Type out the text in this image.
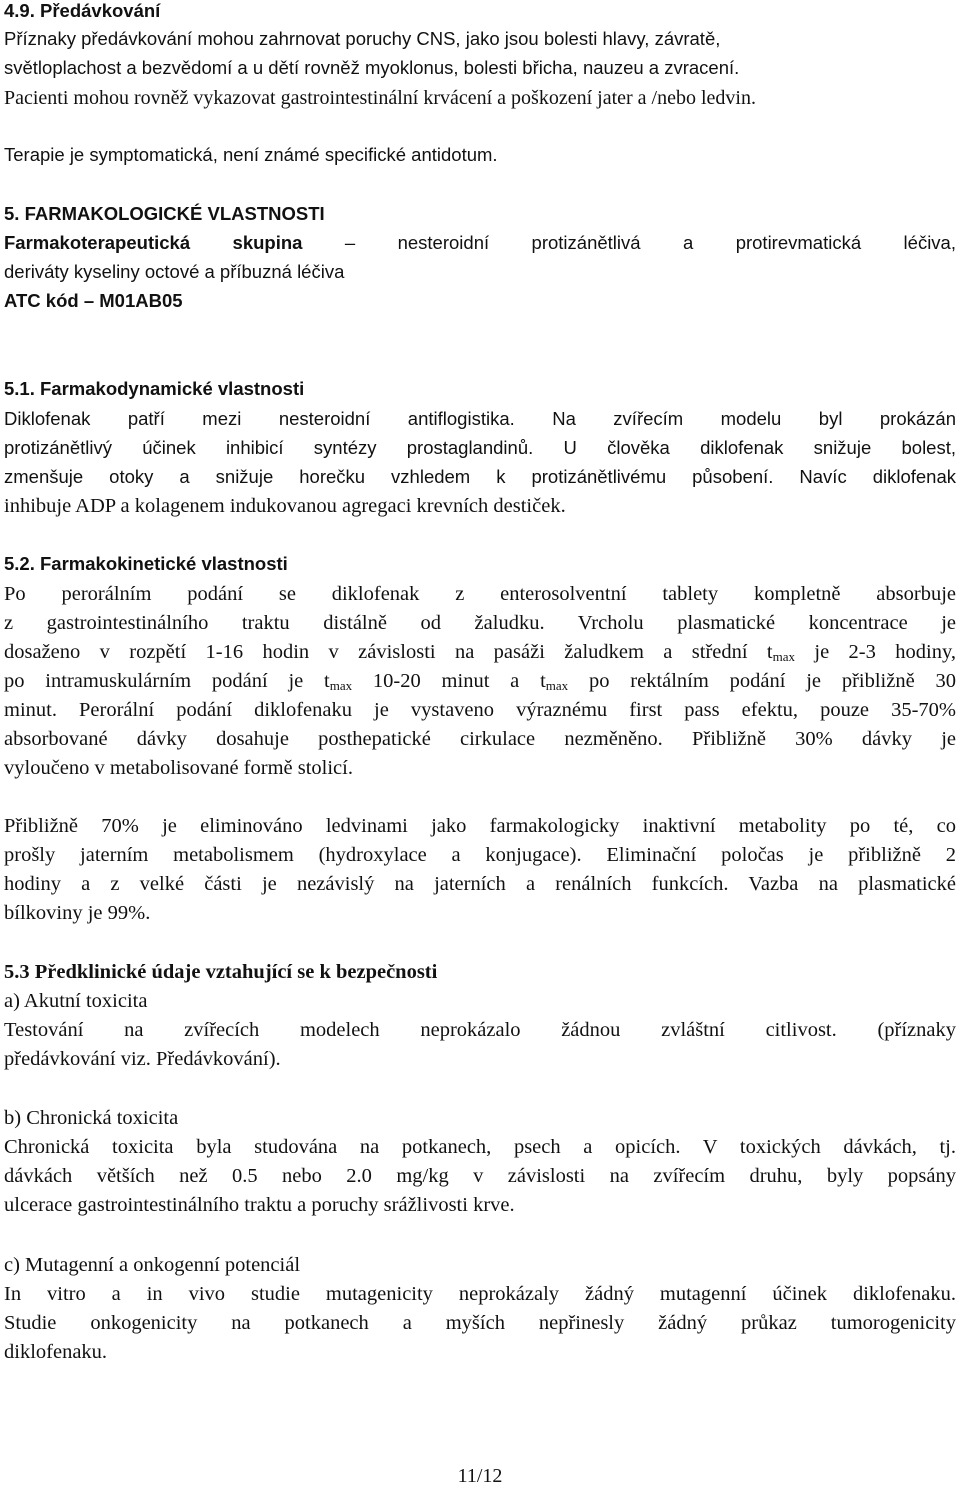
4.9. Předávkování
Příznaky předávkování mohou zahrnovat poruchy CNS, jako jsou bolesti hlavy, závratě,
světloplachost a bezvědomí a u dětí rovněž myoklonus, bolesti břicha, nauzeu a zvracení.
Pacienti mohou rovněž vykazovat gastrointestinální krvácení a poškození jater a /nebo ledvin.
Terapie je symptomatická, není známé specifické antidotum.
5. FARMAKOLOGICKÉ VLASTNOSTI
Farmakoterapeutická skupina – nesteroidní protizánětlivá a protirevmatická léčiva,
deriváty kyseliny octové a příbuzná léčiva
ATC kód – M01AB05
5.1. Farmakodynamické vlastnosti
Diklofenak patří mezi nesteroidní antiflogistika. Na zvířecím modelu byl prokázán
protizánětlivý účinek inhibicí syntézy prostaglandinů. U člověka diklofenak snižuje bolest,
zmenšuje otoky a snižuje horečku vzhledem k protizánětlivému působení. Navíc diklofenak
inhibuje ADP a kolagenem indukovanou agregaci krevních destiček.
5.2. Farmakokinetické vlastnosti
Po perorálním podání se diklofenak z enterosolventní tablety kompletně absorbuje
z gastrointestinálního traktu distálně od žaludku. Vrcholu plasmatické koncentrace je
dosaženo v rozpětí 1-16 hodin v závislosti na pasáži žaludkem a střední $t_{max}$ je 2-3 hodiny,
po intramuskulárním podání je $t_{max}$ 10-20 minut a $t_{max}$ po rektálním podání je přibližně 30
minut. Perorální podání diklofenaku je vystaveno výraznému first pass efektu, pouze 35-70%
absorbované dávky dosahuje posthepatické cirkulace nezměněno. Přibližně 30% dávky je
vyloučeno v metabolisované formě stolicí.
Přibližně 70% je eliminováno ledvinami jako farmakologicky inaktivní metabolity po té, co
prošly jaterním metabolismem (hydroxylace a konjugace). Eliminační poločas je přibližně 2
hodiny a z velké části je nezávislý na jaterních a renálních funkcích. Vazba na plasmatické
bílkoviny je 99%.
5.3 Předklinické údaje vztahující se k bezpečnosti
a) Akutní toxicita
Testování na zvířecích modelech neprokázalo žádnou zvláštní citlivost. (příznaky
předávkování viz. Předávkování).
b) Chronická toxicita
Chronická toxicita byla studována na potkanech, psech a opicích. V toxických dávkách, tj.
dávkách větších než 0.5 nebo 2.0 mg/kg v závislosti na zvířecím druhu, byly popsány
ulcerace gastrointestinálního traktu a poruchy srážlivosti krve.
c) Mutagenní a onkogenní potenciál
In vitro a in vivo studie mutagenicity neprokázaly žádný mutagenní účinek diklofenaku.
Studie onkogenicity na potkanech a myších nepřinesly žádný průkaz tumorogenicity
diklofenaku.
11/12
